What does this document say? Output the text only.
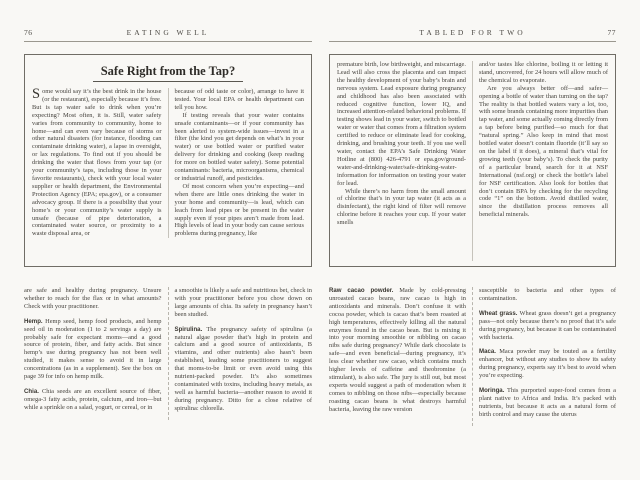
76	EATING WELL
Safe Right from the Tap?

Some would say it’s the best drink in the house (or the restaurant), especially because it’s free. But is tap water safe to drink when you’re expecting? Most often, it is. Still, water safety varies from community to community, home to home—and can even vary because of storms or other natural disasters (for instance, flooding can contaminate drinking water), a lapse in oversight, or lax regulations. To find out if you should be drinking the water that flows from your tap (or your community’s taps, including those in your favorite restaurants), check with your local water supplier or health department, the Environmental Protection Agency (EPA; epa.gov), or a consumer advocacy group. If there is a possibility that your home’s or your community’s water supply is unsafe (because of pipe deterioration, a contaminated water source, or proximity to a waste disposal area, or

because of odd taste or color), arrange to have it tested. Your local EPA or health department can tell you how.

If testing reveals that your water contains unsafe contaminants—or if your community has been alerted to system-wide issues—invest in a filter (the kind you get depends on what’s in your water) or use bottled water or purified water delivery for drinking and cooking (keep reading for more on bottled water safety). Some potential contaminants: bacteria, microorganisms, chemical or industrial runoff, and pesticides.

Of most concern when you’re expecting—and when there are little ones drinking the water in your home and community—is lead, which can leach from lead pipes or be present in the water supply even if your pipes aren’t made from lead. High levels of lead in your body can cause serious problems during pregnancy, like

are safe and healthy during pregnancy. Unsure whether to reach for the flax or in what amounts? Check with your practitioner.

Hemp. Hemp seed, hemp food products, and hemp seed oil in moderation (1 to 2 servings a day) are probably safe for expectant moms—and a good source of protein, fiber, and fatty acids. But since hemp’s use during pregnancy has not been well studied, it makes sense to avoid it in large concentrations (as in a supplement). See the box on page 39 for info on hemp milk.

Chia. Chia seeds are an excellent source of fiber, omega-3 fatty acids, protein, calcium, and iron—but while a sprinkle on a salad, yogurt, or cereal, or in

a smoothie is likely a safe and nutritious bet, check in with your practitioner before you chow down on large amounts of chia. Its safety in pregnancy hasn’t been studied.

Spirulina. The pregnancy safety of spirulina (a natural algae powder that’s high in protein and calcium and a good source of antioxidants, B vitamins, and other nutrients) also hasn’t been established, leading some practitioners to suggest that moms-to-be limit or even avoid using this nutrient-packed powder. It’s also sometimes contaminated with toxins, including heavy metals, as well as harmful bacteria—another reason to avoid it during pregnancy. Ditto for a close relative of spirulina: chlorella.

TABLED FOR TWO	77

premature birth, low birthweight, and miscarriage. Lead will also cross the placenta and can impact the healthy development of your baby’s brain and nervous system. Lead exposure during pregnancy and childhood has also been associated with reduced cognitive function, lower IQ, and increased attention-related behavioral problems. If testing shows lead in your water, switch to bottled water or water that comes from a filtration system certified to reduce or eliminate lead for cooking, drinking, and brushing your teeth. If you use well water, contact the EPA’s Safe Drinking Water Hotline at (800) 426-4791 or epa.gov/ground-water-and-drinking-water/safe-drinking-water-information for information on testing your water for lead.

While there’s no harm from the small amount of chlorine that’s in your tap water (it acts as a disinfectant), the right kind of filter will remove chlorine before it reaches your cup. If your water smells

and/or tastes like chlorine, boiling it or letting it stand, uncovered, for 24 hours will allow much of the chemical to evaporate.

Are you always better off—and safer—opening a bottle of water than turning on the tap? The reality is that bottled waters vary a lot, too, with some brands containing more impurities than tap water, and some actually coming directly from a tap before being purified—so much for that “natural spring.” Also keep in mind that most bottled water doesn’t contain fluoride (it’ll say so on the label if it does), a mineral that’s vital for growing teeth (your baby’s). To check the purity of a particular brand, search for it at NSF International (nsf.org) or check the bottle’s label for NSF certification. Also look for bottles that don’t contain BPA by checking for the recycling code “1” on the bottom. Avoid distilled water, since the distillation process removes all beneficial minerals.

Raw cacao powder. Made by cold-pressing unroasted cacao beans, raw cacao is high in antioxidants and minerals. Don’t confuse it with cocoa powder, which is cacao that’s been roasted at high temperatures, effectively killing all the natural enzymes found in the cacao bean. But is mixing it into your morning smoothie or nibbling on cacao nibs safe during pregnancy? While dark chocolate is safe—and even beneficial—during pregnancy, it’s less clear whether raw cacao, which contains much higher levels of caffeine and theobromine (a stimulant), is also safe. The jury is still out, but most experts would suggest a path of moderation when it comes to nibbling on those nibs—especially because roasting cacao beans is what destroys harmful bacteria, leaving the raw version

susceptible to bacteria and other types of contamination.

Wheat grass. Wheat grass doesn’t get a pregnancy pass—not only because there’s no proof that it’s safe during pregnancy, but because it can be contaminated with bacteria.

Maca. Maca powder may be touted as a fertility enhancer, but without any studies to show its safety during pregnancy, experts say it’s best to avoid when you’re expecting.

Moringa. This purported super-food comes from a plant native to Africa and India. It’s packed with nutrients, but because it acts as a natural form of birth control and may cause the uterus
